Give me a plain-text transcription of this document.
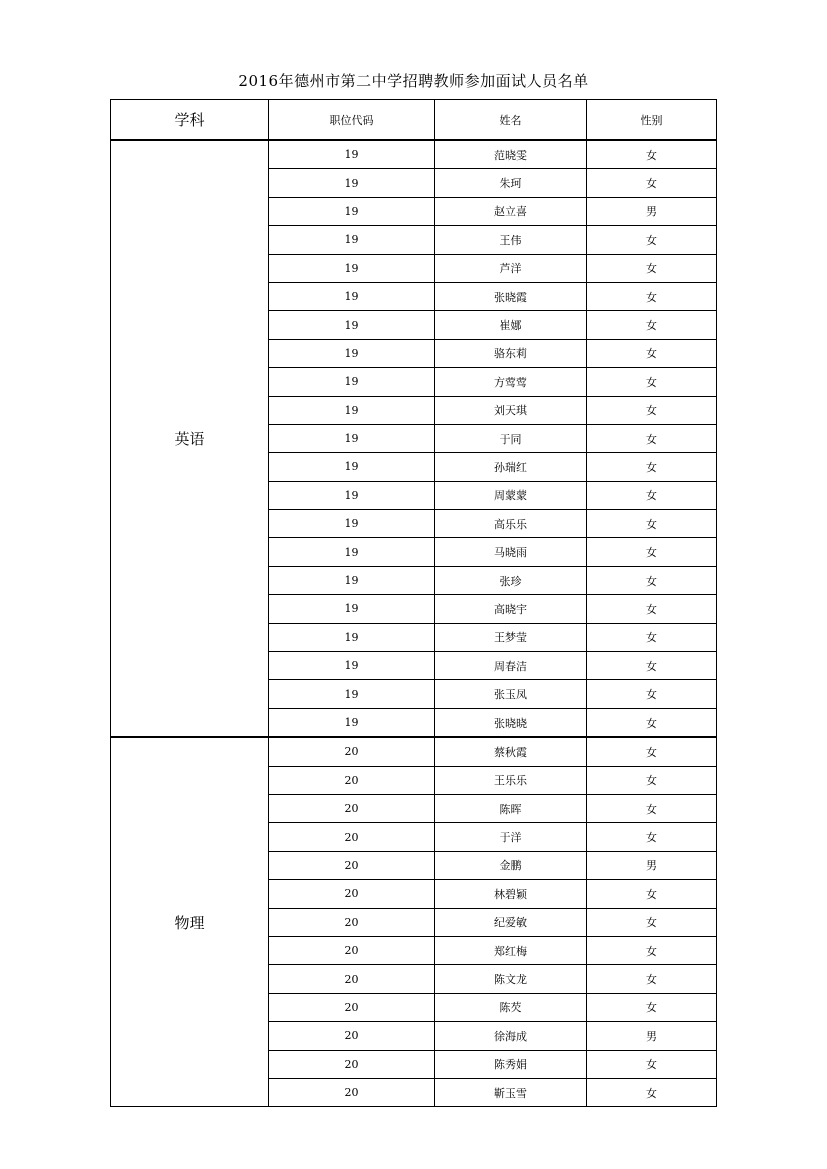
2016年德州市第二中学招聘教师参加面试人员名单
学科	职位代码	姓名	性别
英语	19	范晓雯	女
	19	朱珂	女
	19	赵立喜	男
	19	王伟	女
	19	芦洋	女
	19	张晓霞	女
	19	崔娜	女
	19	骆东莉	女
	19	方莺莺	女
	19	刘天琪	女
	19	于同	女
	19	孙瑞红	女
	19	周蒙蒙	女
	19	高乐乐	女
	19	马晓雨	女
	19	张珍	女
	19	高晓宇	女
	19	王梦莹	女
	19	周春洁	女
	19	张玉凤	女
	19	张晓晓	女
物理	20	蔡秋霞	女
	20	王乐乐	女
	20	陈晖	女
	20	于洋	女
	20	金鹏	男
	20	林碧颖	女
	20	纪爱敏	女
	20	郑红梅	女
	20	陈文龙	女
	20	陈芡	女
	20	徐海成	男
	20	陈秀娟	女
	20	靳玉雪	女
